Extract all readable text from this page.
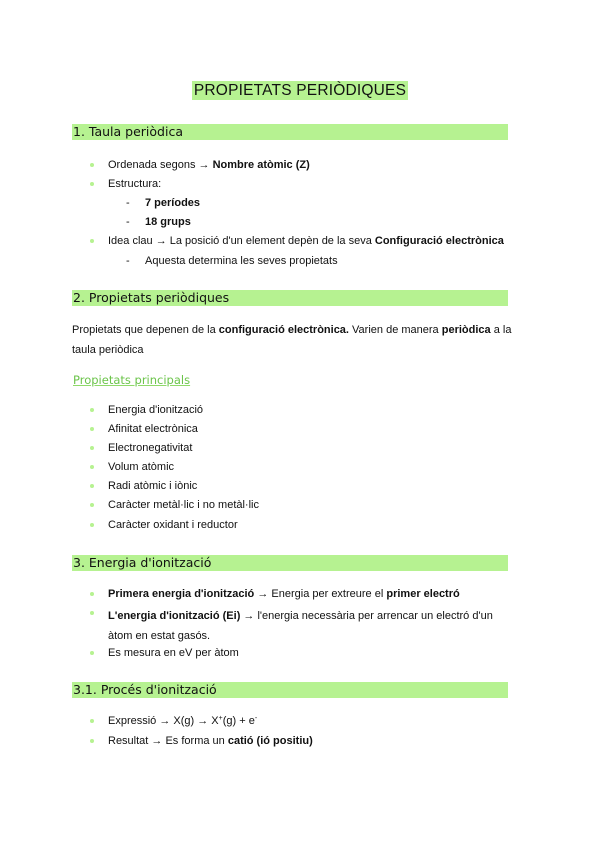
PROPIETATS PERIÒDIQUES
1. Taula periòdica
Ordenada segons → Nombre atòmic (Z)
Estructura:
- 7 períodes
- 18 grups
Idea clau → La posició d'un element depèn de la seva Configuració electrònica
- Aquesta determina les seves propietats
2. Propietats periòdiques
Propietats que depenen de la configuració electrònica. Varien de manera periòdica a la
taula periòdica
Propietats principals
Energia d'ionització
Afinitat electrònica
Electronegativitat
Volum atòmic
Radi atòmic i iònic
Caràcter metàl·lic i no metàl·lic
Caràcter oxidant i reductor
3. Energia d'ionització
Primera energia d'ionització → Energia per extreure el primer electró
L'energia d'ionització (Ei) → l'energia necessària per arrencar un electró d'un
àtom en estat gasós.
Es mesura en eV per àtom
3.1. Procés d'ionització
Expressió → X(g) → X+(g) + e-
Resultat → Es forma un catió (ió positiu)
